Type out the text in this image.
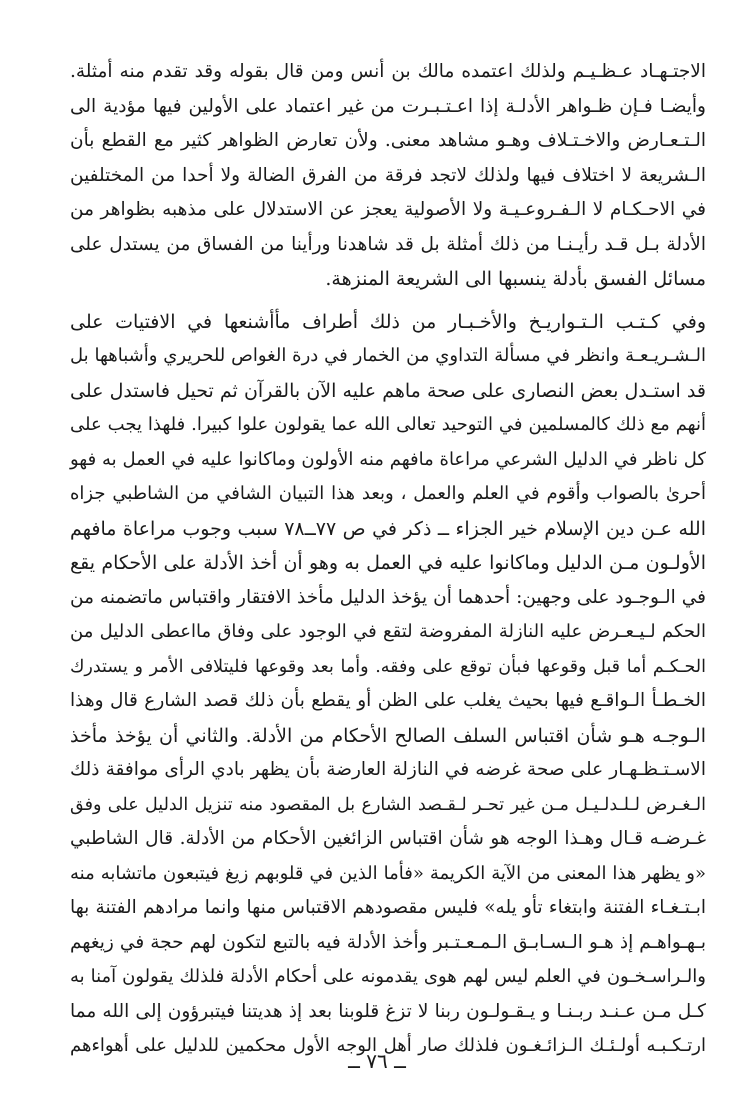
الاجتـهـاد عـظـيـم ولذلك اعتمده مالك بن أنس ومن قال بقوله وقد تقدم منه أمثلة.
وأيضـا فـإن ظـواهر الأدلـة إذا اعـتـبـرت من غير اعتماد على الأولين فيها مؤدية الى
الـتـعـارض والاخـتـلاف وهـو مشاهد معنى. ولأن تعارض الظواهر كثير مع القطع بأن
الـشريعة لا اختلاف فيها ولذلك لاتجد فرقة من الفرق الضالة ولا أحدا من المختلفين
في الاحـكـام لا الـفـروعـيـة ولا الأصولية يعجز عن الاستدلال على مذهبه بظواهر من
الأدلة بـل قـد رأيـنـا من ذلك أمثلة بل قد شاهدنا ورأينا من الفساق من يستدل على
مسائل الفسق بأدلة ينسبها الى الشريعة المنزهة.
وفي كـتـب الـتـواريـخ والأخـبـار من ذلك أطراف مأأشنعها في الافتيات على
الـشـريـعـة وانظر في مسألة التداوي من الخمار في درة الغواص للحريري وأشباهها بل
قد استـدل بعض النصارى على صحة ماهم عليه الآن بالقرآن ثم تحيل فاستدل على
أنهم مع ذلك كالمسلمين في التوحيد تعالى الله عما يقولون علوا كبيرا. فلهذا يجب على
كل ناظر في الدليل الشرعي مراعاة مافهم منه الأولون وماكانوا عليه في العمل به فهو
أحرىٰ بالصواب وأقوم في العلم والعمل ، وبعد هذا التبيان الشافي من الشاطبي جزاه
الله عـن دين الإسلام خير الجزاء ــ ذكر في ص ٧٧ــ٧٨ سبب وجوب مراعاة مافهم
الأولـون مـن الدليل وماكانوا عليه في العمل به وهو أن أخذ الأدلة على الأحكام يقع
في الـوجـود على وجهين: أحدهما أن يؤخذ الدليل مأخذ الافتقار واقتباس ماتضمنه من
الحكم لـيـعـرض عليه النازلة المفروضة لتقع في الوجود على وفاق مااعطى الدليل من
الحـكـم أما قبل وقوعها فبأن توقع على وفقه. وأما بعد وقوعها فليتلافى الأمر و يستدرك
الخـطـأ الـواقـع فيها بحيث يغلب على الظن أو يقطع بأن ذلك قصد الشارع قال وهذا
الـوجـه هـو شأن اقتباس السلف الصالح الأحكام من الأدلة. والثاني أن يؤخذ مأخذ
الاسـتـظـهـار على صحة غرضه في النازلة العارضة بأن يظهر بادي الرأى موافقة ذلك
الـغـرض لـلـدلـيـل مـن غير تحـر لـقـصد الشارع بل المقصود منه تنزيل الدليل على وفق
غـرضـه قـال وهـذا الوجه هو شأن اقتباس الزائغين الأحكام من الأدلة. قال الشاطبي
«و يظهر هذا المعنى من الآية الكريمة «فأما الذين في قلوبهم زيغ فيتبعون ماتشابه منه
ابـتـغـاء الفتنة وابتغاء تأو يله» فليس مقصودهم الاقتباس منها وانما مرادهم الفتنة بها
بـهـواهـم إذ هـو الـسـابـق الـمـعـتـبر وأخذ الأدلة فيه بالتبع لتكون لهم حجة في زيغهم
والـراسـخـون في العلم ليس لهم هوى يقدمونه على أحكام الأدلة فلذلك يقولون آمنا به
كـل مـن عـنـد ربـنـا و يـقـولـون ربنا لا تزغ قلوبنا بعد إذ هديتنا فيتبرؤون إلى الله مما
ارتـكـبـه أولـئـك الـزائـغـون فلذلك صار أهل الوجه الأول محكمين للدليل على أهواءهم
ــ ٧٦ ــ
